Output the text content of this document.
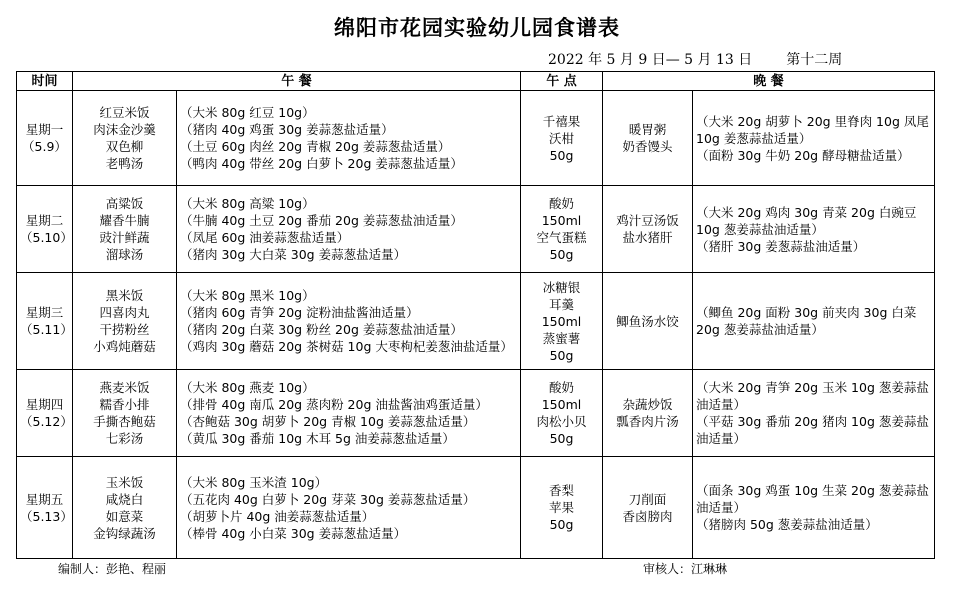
绵阳市花园实验幼儿园食谱表
2022 年 5 月 9 日— 5 月 13 日 第十二周
时间	午 餐		午 点	晚 餐	

星期一
（5.9）	红豆米饭
肉沫金沙羹
双色柳
老鸭汤	（大米 80g 红豆 10g）
（猪肉 40g 鸡蛋 30g 姜蒜葱盐适量）
（土豆 60g 肉丝 20g 青椒 20g 姜蒜葱盐适量）
（鸭肉 40g 带丝 20g 白萝卜 20g 姜蒜葱盐适量）	千禧果
沃柑
50g	暖胃粥
奶香馒头	（大米 20g 胡萝卜 20g 里脊肉 10g 凤尾 10g 姜葱蒜盐适量）
（面粉 30g 牛奶 20g 酵母糖盐适量）

星期二
（5.10）	高粱饭
耀香牛腩
豉汁鲜蔬
溜球汤	（大米 80g 高粱 10g）
（牛腩 40g 土豆 20g 番茄 20g 姜蒜葱盐油适量）
（凤尾 60g 油姜蒜葱盐适量）
（猪肉 30g 大白菜 30g 姜蒜葱盐适量）	酸奶
150ml
空气蛋糕
50g	鸡汁豆汤饭
盐水猪肝	（大米 20g 鸡肉 30g 青菜 20g 白豌豆 10g 葱姜蒜盐油适量）
（猪肝 30g 姜葱蒜盐油适量）

星期三
（5.11）	黑米饭
四喜肉丸
干捞粉丝
小鸡炖蘑菇	（大米 80g 黑米 10g）
（猪肉 60g 青笋 20g 淀粉油盐酱油适量）
（猪肉 20g 白菜 30g 粉丝 20g 姜蒜葱盐油适量）
（鸡肉 30g 蘑菇 20g 茶树菇 10g 大枣枸杞姜葱油盐适量）	冰糖银
耳羹
150ml
蒸蜜薯
50g	鲫鱼汤水饺	（鲫鱼 20g 面粉 30g 前夹肉 30g 白菜 20g 葱姜蒜盐油适量）

星期四
（5.12）	燕麦米饭
糯香小排
手撕杏鲍菇
七彩汤	（大米 80g 燕麦 10g）
（排骨 40g 南瓜 20g 蒸肉粉 20g 油盐酱油鸡蛋适量）
（杏鲍菇 30g 胡萝卜 20g 青椒 10g 姜蒜葱盐适量）
（黄瓜 30g 番茄 10g 木耳 5g 油姜蒜葱盐适量）	酸奶
150ml
肉松小贝
50g	杂蔬炒饭
瓢香肉片汤	（大米 20g 青笋 20g 玉米 10g 葱姜蒜盐油适量）
（平菇 30g 番茄 20g 猪肉 10g 葱姜蒜盐油适量）

星期五
（5.13）	玉米饭
咸烧白
如意菜
金钩绿蔬汤	（大米 80g 玉米渣 10g）
（五花肉 40g 白萝卜 20g 芽菜 30g 姜蒜葱盐适量）
（胡萝卜片 40g 油姜蒜葱盐适量）
（棒骨 40g 小白菜 30g 姜蒜葱盐适量）	香梨
苹果
50g	刀削面
香卤膀肉	（面条 30g 鸡蛋 10g 生菜 20g 葱姜蒜盐油适量）
（猪膀肉 50g 葱姜蒜盐油适量）
编制人：彭艳、程丽	审核人：江琳琳
